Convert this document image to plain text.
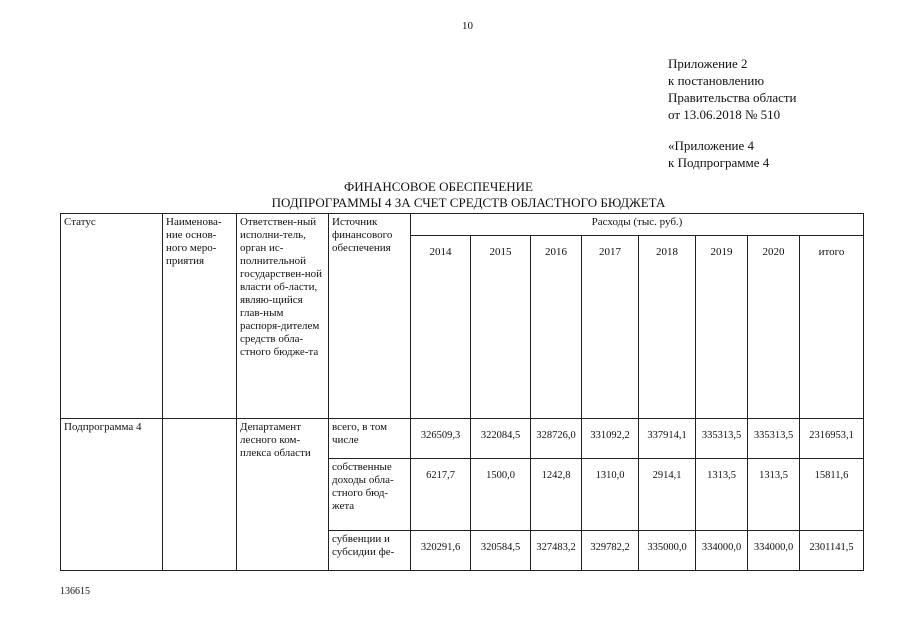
10
Приложение 2
к постановлению
Правительства области
от 13.06.2018 № 510
«Приложение 4
к Подпрограмме 4
ФИНАНСОВОЕ ОБЕСПЕЧЕНИЕ
ПОДПРОГРАММЫ 4 ЗА СЧЕТ СРЕДСТВ ОБЛАСТНОГО БЮДЖЕТА
Статус	Наименова-ние основ-ного меро-приятия	Ответствен-ный исполни-тель, орган ис-полнительной государствен-ной власти об-ласти, являю-щийся глав-ным распоря-дителем средств обла-стного бюдже-та	Источник финансового обеспечения	Расходы (тыс. руб.)							
				2014	2015	2016	2017	2018	2019	2020	итого
Подпрограмма 4		Департамент лесного ком-плекса области	всего, в том числе	326509,3	322084,5	328726,0	331092,2	337914,1	335313,5	335313,5	2316953,1
			собственные доходы обла-стного бюд-жета	6217,7	1500,0	1242,8	1310,0	2914,1	1313,5	1313,5	15811,6
			субвенции и субсидии фе-	320291,6	320584,5	327483,2	329782,2	335000,0	334000,0	334000,0	2301141,5
136615
